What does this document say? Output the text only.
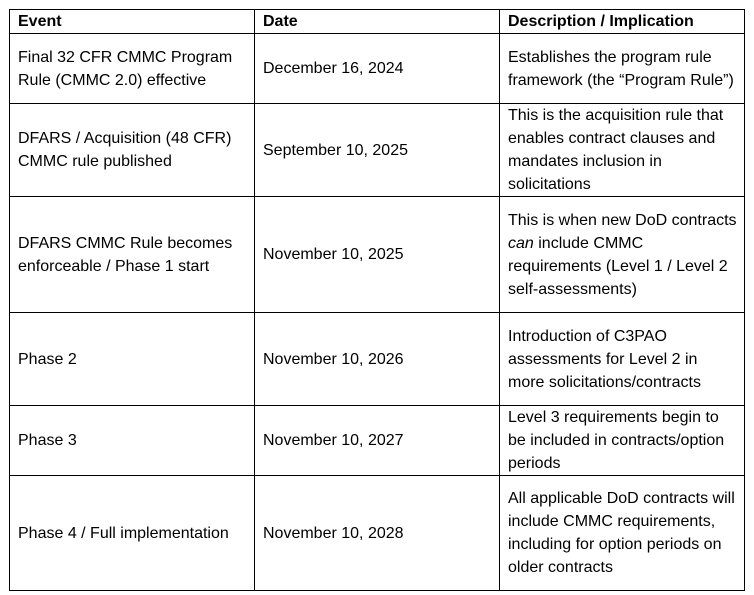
Event	Date	Description / Implication
Final 32 CFR CMMC Program Rule (CMMC 2.0) effective	December 16, 2024	Establishes the program rule framework (the “Program Rule”)
DFARS / Acquisition (48 CFR) CMMC rule published	September 10, 2025	This is the acquisition rule that enables contract clauses and mandates inclusion in solicitations
DFARS CMMC Rule becomes enforceable / Phase 1 start	November 10, 2025	This is when new DoD contracts can include CMMC requirements (Level 1 / Level 2 self-assessments)
Phase 2	November 10, 2026	Introduction of C3PAO assessments for Level 2 in more solicitations/contracts
Phase 3	November 10, 2027	Level 3 requirements begin to be included in contracts/option periods
Phase 4 / Full implementation	November 10, 2028	All applicable DoD contracts will include CMMC requirements, including for option periods on older contracts
